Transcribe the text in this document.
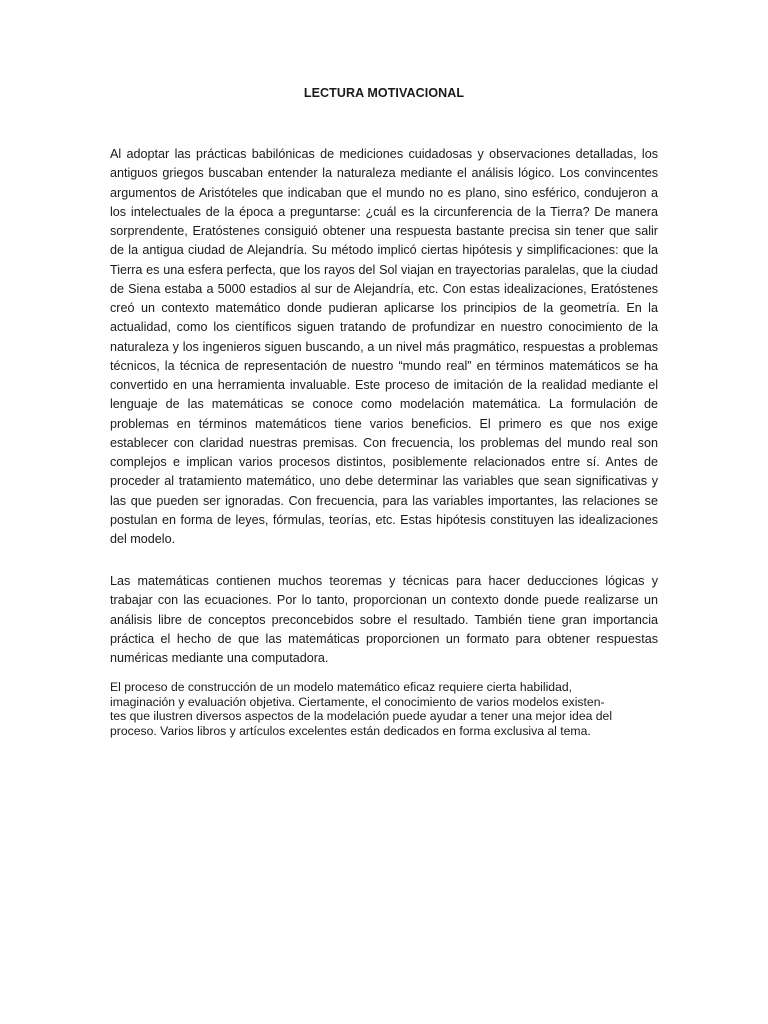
LECTURA MOTIVACIONAL

Al adoptar las prácticas babilónicas de mediciones cuidadosas y observaciones detalladas, los antiguos griegos buscaban entender la naturaleza mediante el análisis lógico. Los convincentes argumentos de Aristóteles que indicaban que el mundo no es plano, sino esférico, condujeron a los intelectuales de la época a preguntarse: ¿cuál es la circunferencia de la Tierra? De manera sorprendente, Eratóstenes consiguió obtener una respuesta bastante precisa sin tener que salir de la antigua ciudad de Alejandría. Su método implicó ciertas hipótesis y simplificaciones: que la Tierra es una esfera perfecta, que los rayos del Sol viajan en trayectorias paralelas, que la ciudad de Siena estaba a 5000 estadios al sur de Alejandría, etc. Con estas idealizaciones, Eratóstenes creó un contexto matemático donde pudieran aplicarse los principios de la geometría. En la actualidad, como los científicos siguen tratando de profundizar en nuestro conocimiento de la naturaleza y los ingenieros siguen buscando, a un nivel más pragmático, respuestas a problemas técnicos, la técnica de representación de nuestro “mundo real” en términos matemáticos se ha convertido en una herramienta invaluable. Este proceso de imitación de la realidad mediante el lenguaje de las matemáticas se conoce como modelación matemática. La formulación de problemas en términos matemáticos tiene varios beneficios. El primero es que nos exige establecer con claridad nuestras premisas. Con frecuencia, los problemas del mundo real son complejos e implican varios procesos distintos, posiblemente relacionados entre sí. Antes de proceder al tratamiento matemático, uno debe determinar las variables que sean significativas y las que pueden ser ignoradas. Con frecuencia, para las variables importantes, las relaciones se postulan en forma de leyes, fórmulas, teorías, etc. Estas hipótesis constituyen las idealizaciones del modelo.

Las matemáticas contienen muchos teoremas y técnicas para hacer deducciones lógicas y trabajar con las ecuaciones. Por lo tanto, proporcionan un contexto donde puede realizarse un análisis libre de conceptos preconcebidos sobre el resultado. También tiene gran importancia práctica el hecho de que las matemáticas proporcionen un formato para obtener respuestas numéricas mediante una computadora.

El proceso de construcción de un modelo matemático eficaz requiere cierta habilidad,
imaginación y evaluación objetiva. Ciertamente, el conocimiento de varios modelos existen-
tes que ilustren diversos aspectos de la modelación puede ayudar a tener una mejor idea del
proceso. Varios libros y artículos excelentes están dedicados en forma exclusiva al tema.
